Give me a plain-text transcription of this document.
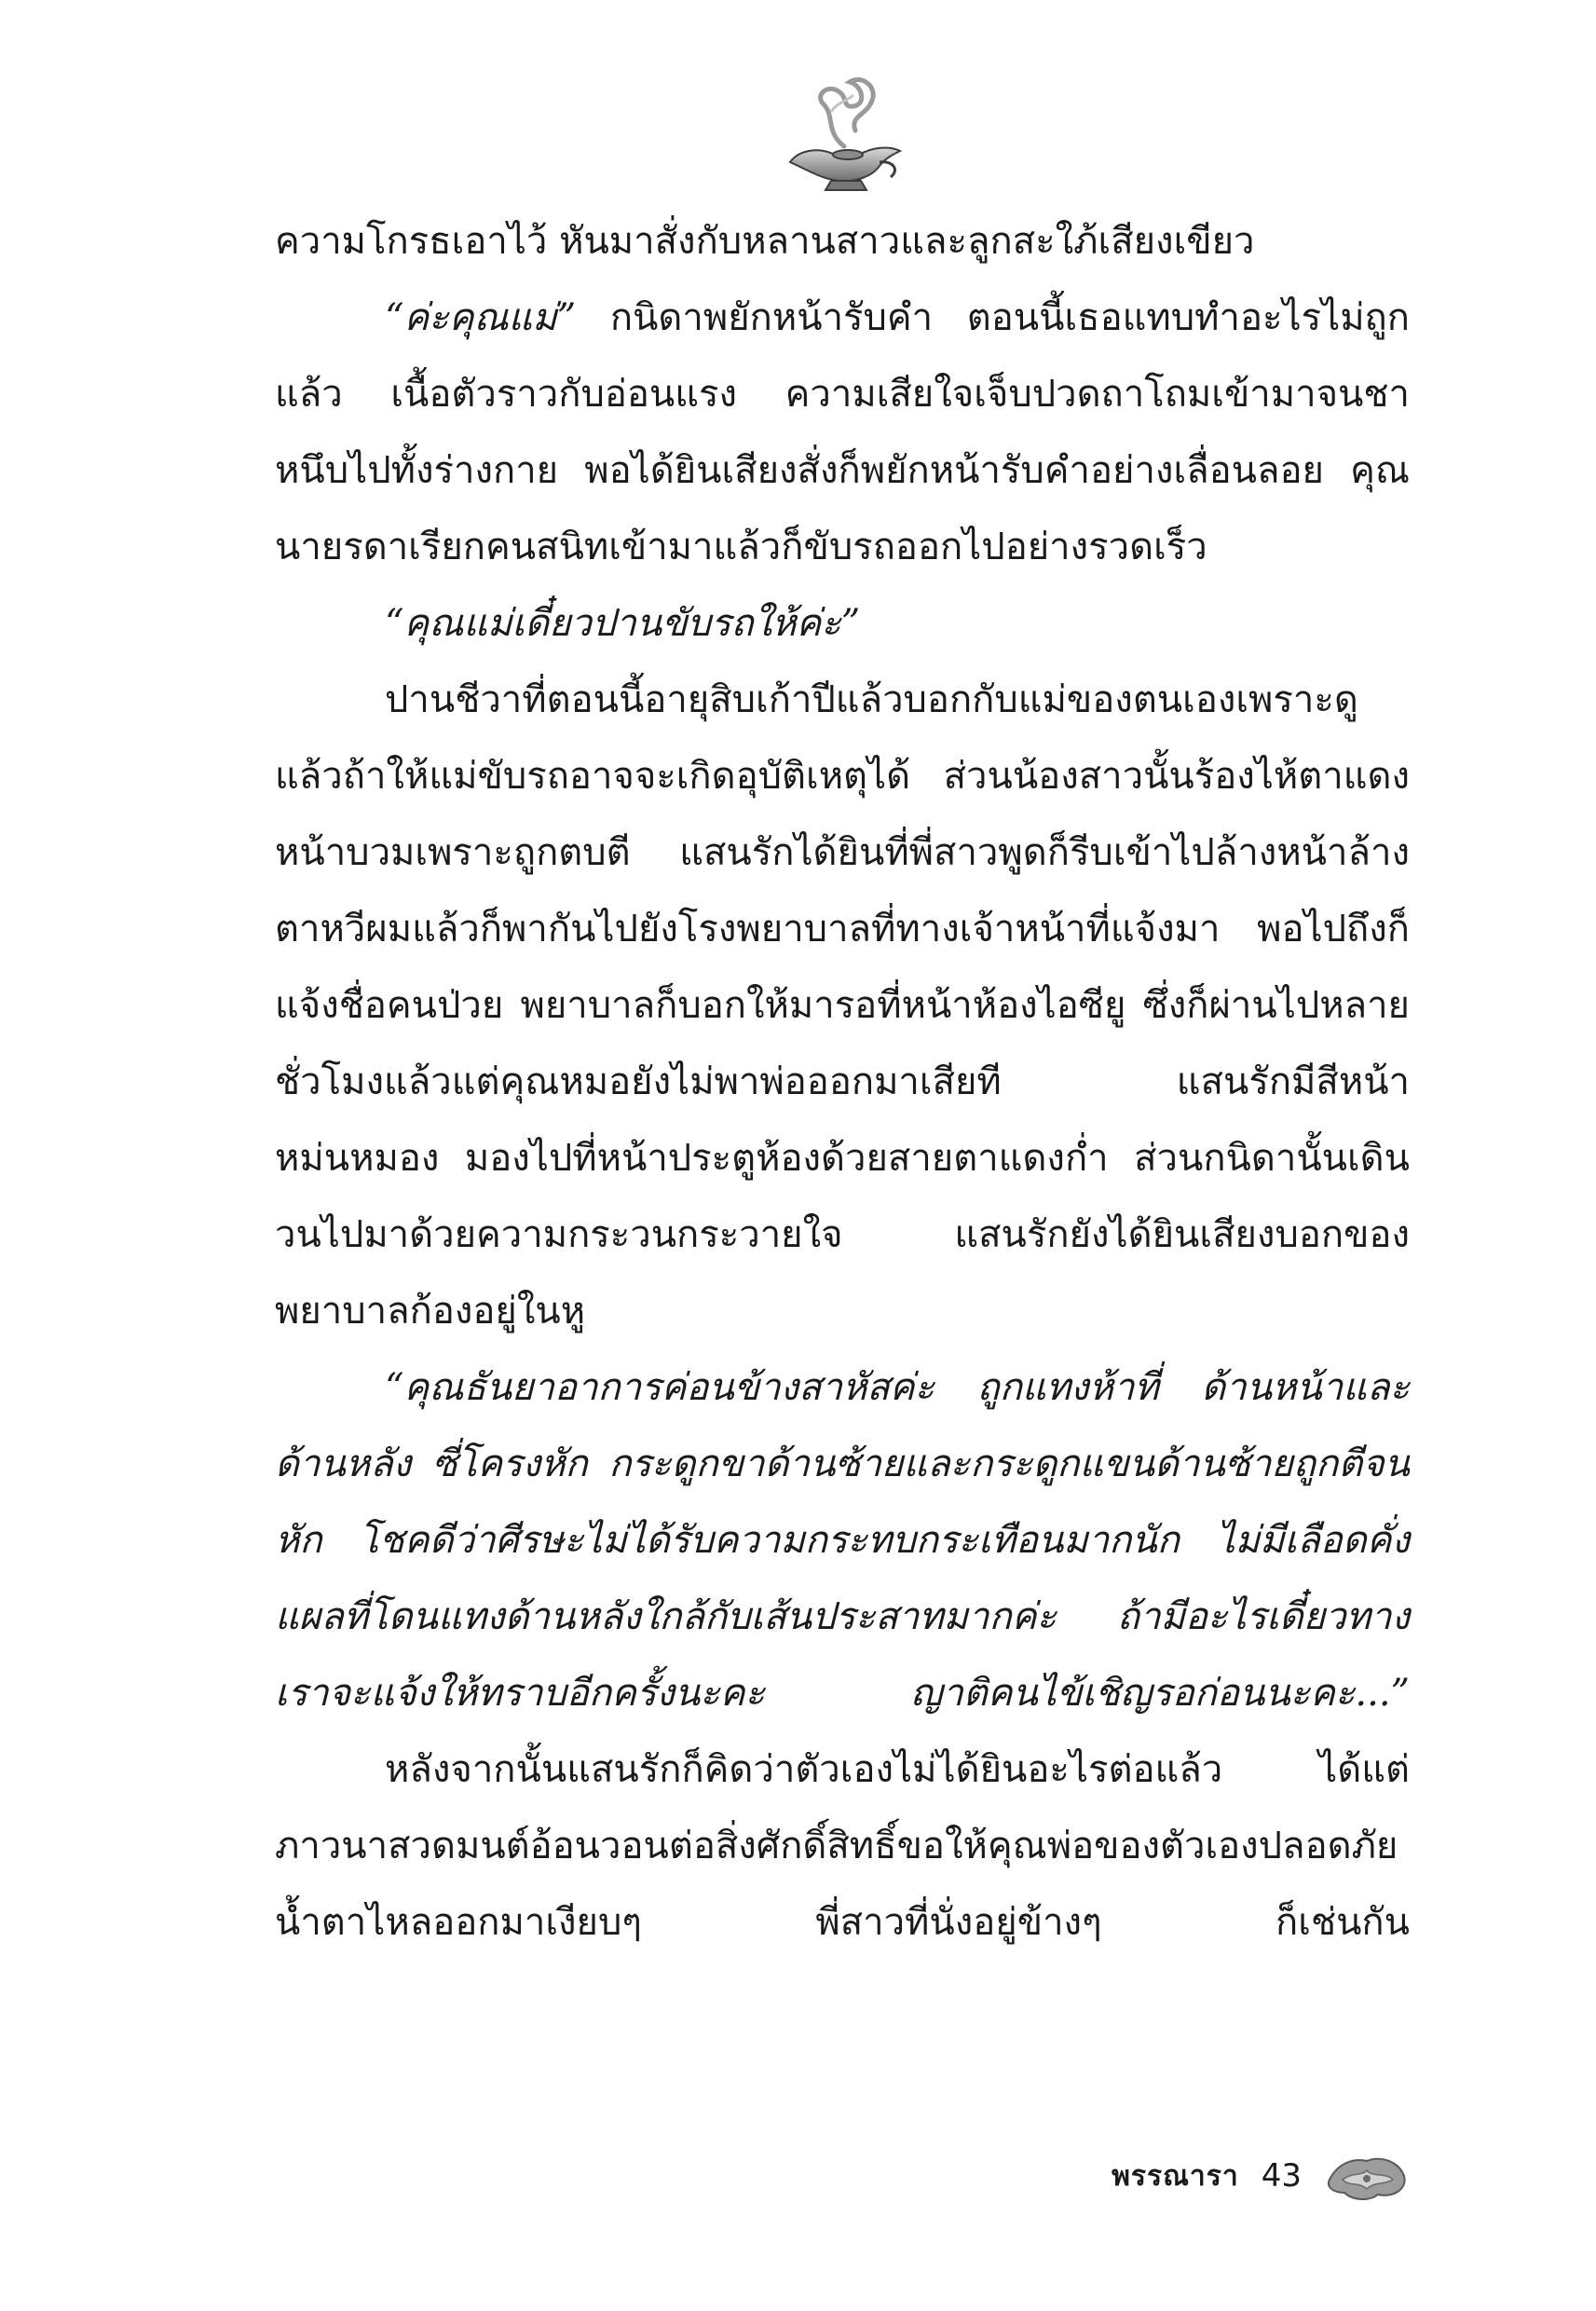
ความโกรธเอาไว้ หันมาสั่งกับหลานสาวและลูกสะใภ้เสียงเขียว

“ค่ะคุณแม่” กนิดาพยักหน้ารับคำ ตอนนี้เธอแทบทำอะไรไม่ถูกแล้ว เนื้อตัวราวกับอ่อนแรง ความเสียใจเจ็บปวดถาโถมเข้ามาจนชาหนึบไปทั้งร่างกาย พอได้ยินเสียงสั่งก็พยักหน้ารับคำอย่างเลื่อนลอย คุณนายรดาเรียกคนสนิทเข้ามาแล้วก็ขับรถออกไปอย่างรวดเร็ว

“คุณแม่เดี๋ยวปานขับรถให้ค่ะ”

ปานชีวาที่ตอนนี้อายุสิบเก้าปีแล้วบอกกับแม่ของตนเองเพราะดูแล้วถ้าให้แม่ขับรถอาจจะเกิดอุบัติเหตุได้ ส่วนน้องสาวนั้นร้องไห้ตาแดงหน้าบวมเพราะถูกตบตี แสนรักได้ยินที่พี่สาวพูดก็รีบเข้าไปล้างหน้าล้างตาหวีผมแล้วก็พากันไปยังโรงพยาบาลที่ทางเจ้าหน้าที่แจ้งมา พอไปถึงก็แจ้งชื่อคนป่วย พยาบาลก็บอกให้มารอที่หน้าห้องไอซียู ซึ่งก็ผ่านไปหลายชั่วโมงแล้วแต่คุณหมอยังไม่พาพ่อออกมาเสียที แสนรักมีสีหน้าหม่นหมอง มองไปที่หน้าประตูห้องด้วยสายตาแดงก่ำ ส่วนกนิดานั้นเดินวนไปมาด้วยความกระวนกระวายใจ แสนรักยังได้ยินเสียงบอกของพยาบาลก้องอยู่ในหู

“คุณธันยาอาการค่อนข้างสาหัสค่ะ ถูกแทงห้าที่ ด้านหน้าและด้านหลัง ซี่โครงหัก กระดูกขาด้านซ้ายและกระดูกแขนด้านซ้ายถูกตีจนหัก โชคดีว่าศีรษะไม่ได้รับความกระทบกระเทือนมากนัก ไม่มีเลือดคั่ง แผลที่โดนแทงด้านหลังใกล้กับเส้นประสาทมากค่ะ ถ้ามีอะไรเดี๋ยวทางเราจะแจ้งให้ทราบอีกครั้งนะคะ ญาติคนไข้เชิญรอก่อนนะคะ...”

หลังจากนั้นแสนรักก็คิดว่าตัวเองไม่ได้ยินอะไรต่อแล้ว ได้แต่ภาวนาสวดมนต์อ้อนวอนต่อสิ่งศักดิ์สิทธิ์ขอให้คุณพ่อของตัวเองปลอดภัย น้ำตาไหลออกมาเงียบๆ พี่สาวที่นั่งอยู่ข้างๆ ก็เช่นกัน

พรรณารา 43
